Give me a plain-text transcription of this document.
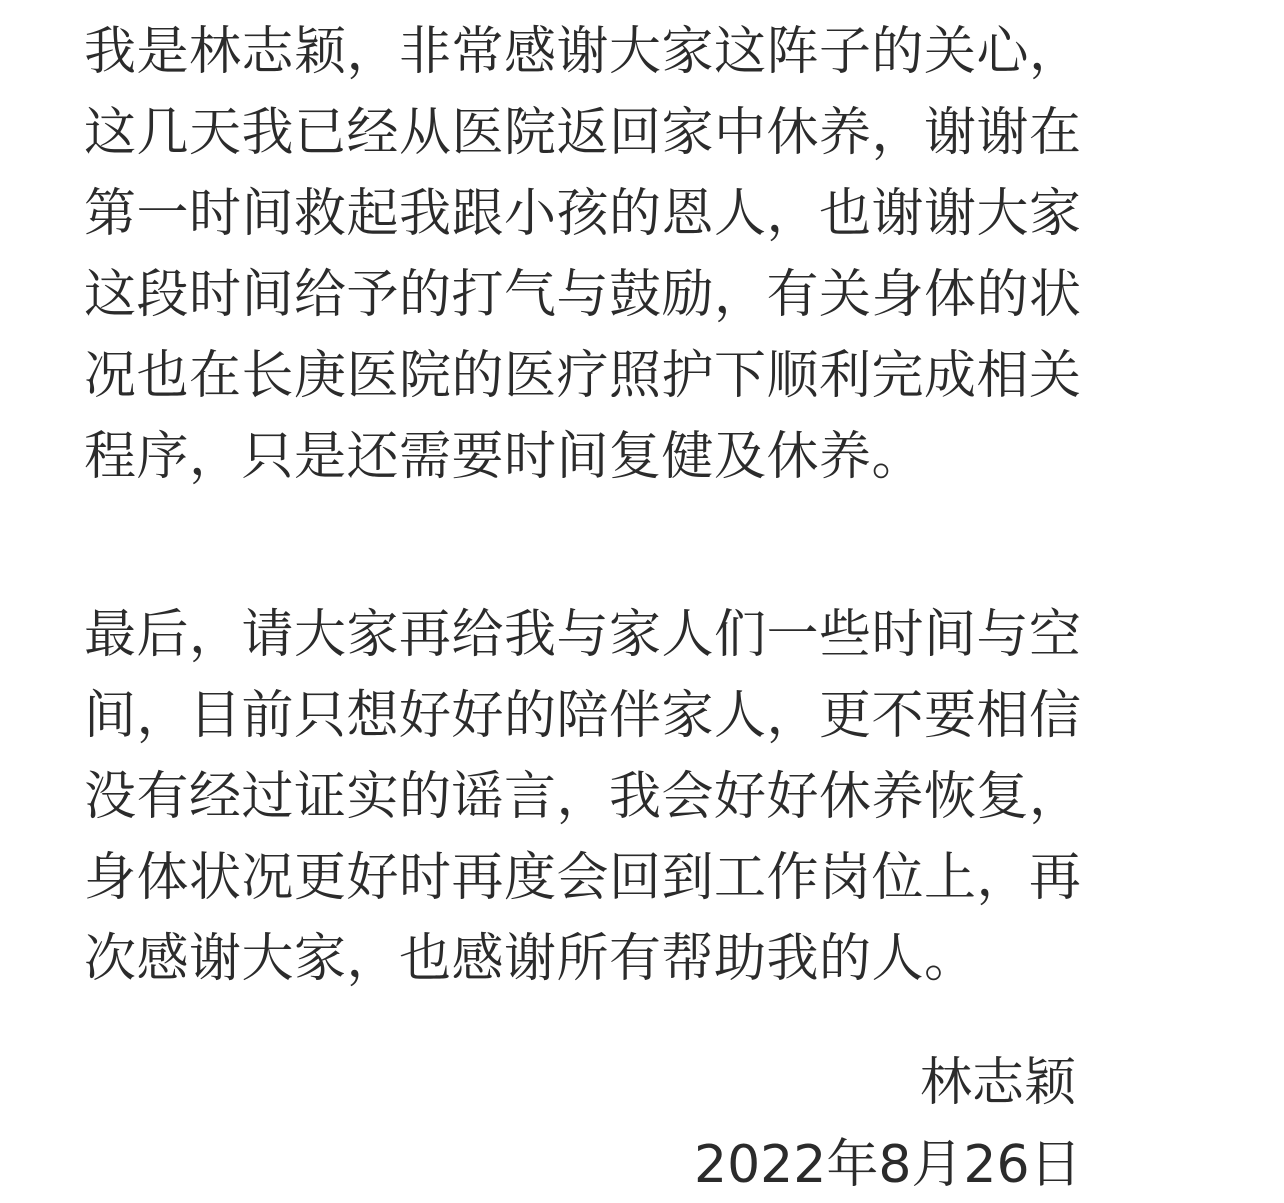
我是林志颖，非常感谢大家这阵子的关心，
这几天我已经从医院返回家中休养，谢谢在
第一时间救起我跟小孩的恩人，也谢谢大家
这段时间给予的打气与鼓励，有关身体的状
况也在长庚医院的医疗照护下顺利完成相关
程序，只是还需要时间复健及休养。
最后，请大家再给我与家人们一些时间与空
间，目前只想好好的陪伴家人，更不要相信
没有经过证实的谣言，我会好好休养恢复，
身体状况更好时再度会回到工作岗位上，再
次感谢大家，也感谢所有帮助我的人。
林志颖
2022年8月26日
